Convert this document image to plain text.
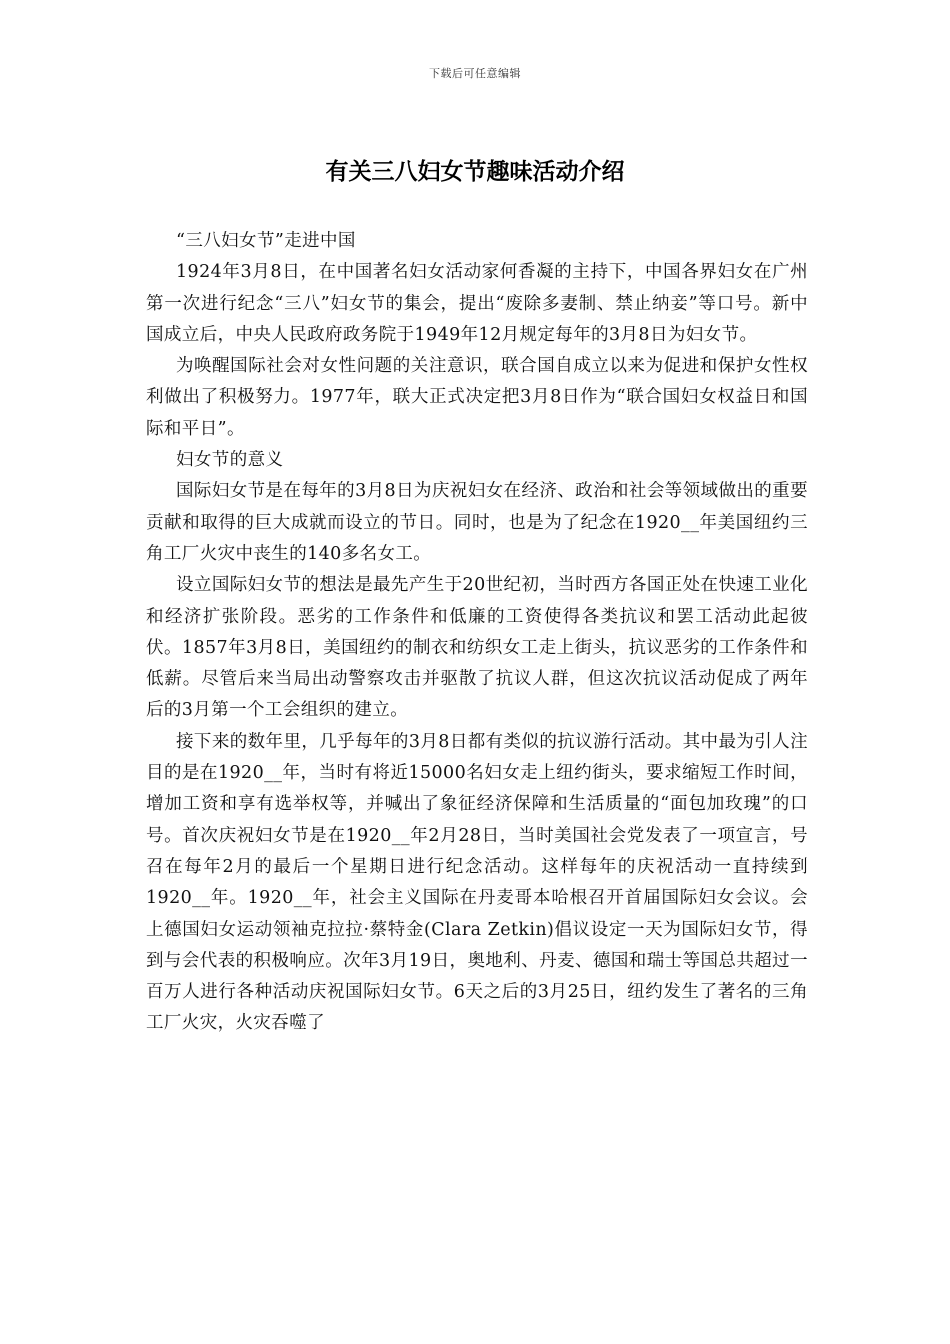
下载后可任意编辑
有关三八妇女节趣味活动介绍

“三八妇女节”走进中国

1924年3月8日，在中国著名妇女活动家何香凝的主持下，中国各界妇女在广州第一次进行纪念“三八”妇女节的集会，提出“废除多妻制、禁止纳妾”等口号。新中国成立后，中央人民政府政务院于1949年12月规定每年的3月8日为妇女节。

为唤醒国际社会对女性问题的关注意识，联合国自成立以来为促进和保护女性权利做出了积极努力。1977年，联大正式决定把3月8日作为“联合国妇女权益日和国际和平日”。

妇女节的意义

国际妇女节是在每年的3月8日为庆祝妇女在经济、政治和社会等领域做出的重要贡献和取得的巨大成就而设立的节日。同时，也是为了纪念在1920__年美国纽约三角工厂火灾中丧生的140多名女工。

设立国际妇女节的想法是最先产生于20世纪初，当时西方各国正处在快速工业化和经济扩张阶段。恶劣的工作条件和低廉的工资使得各类抗议和罢工活动此起彼伏。1857年3月8日，美国纽约的制衣和纺织女工走上街头，抗议恶劣的工作条件和低薪。尽管后来当局出动警察攻击并驱散了抗议人群，但这次抗议活动促成了两年后的3月第一个工会组织的建立。

接下来的数年里，几乎每年的3月8日都有类似的抗议游行活动。其中最为引人注目的是在1920__年，当时有将近15000名妇女走上纽约街头，要求缩短工作时间，增加工资和享有选举权等，并喊出了象征经济保障和生活质量的“面包加玫瑰”的口号。首次庆祝妇女节是在1920__年2月28日，当时美国社会党发表了一项宣言，号召在每年2月的最后一个星期日进行纪念活动。这样每年的庆祝活动一直持续到1920__年。1920__年，社会主义国际在丹麦哥本哈根召开首届国际妇女会议。会上德国妇女运动领袖克拉拉·蔡特金(Clara Zetkin)倡议设定一天为国际妇女节，得到与会代表的积极响应。次年3月19日，奥地利、丹麦、德国和瑞士等国总共超过一百万人进行各种活动庆祝国际妇女节。6天之后的3月25日，纽约发生了著名的三角工厂火灾，火灾吞噬了
